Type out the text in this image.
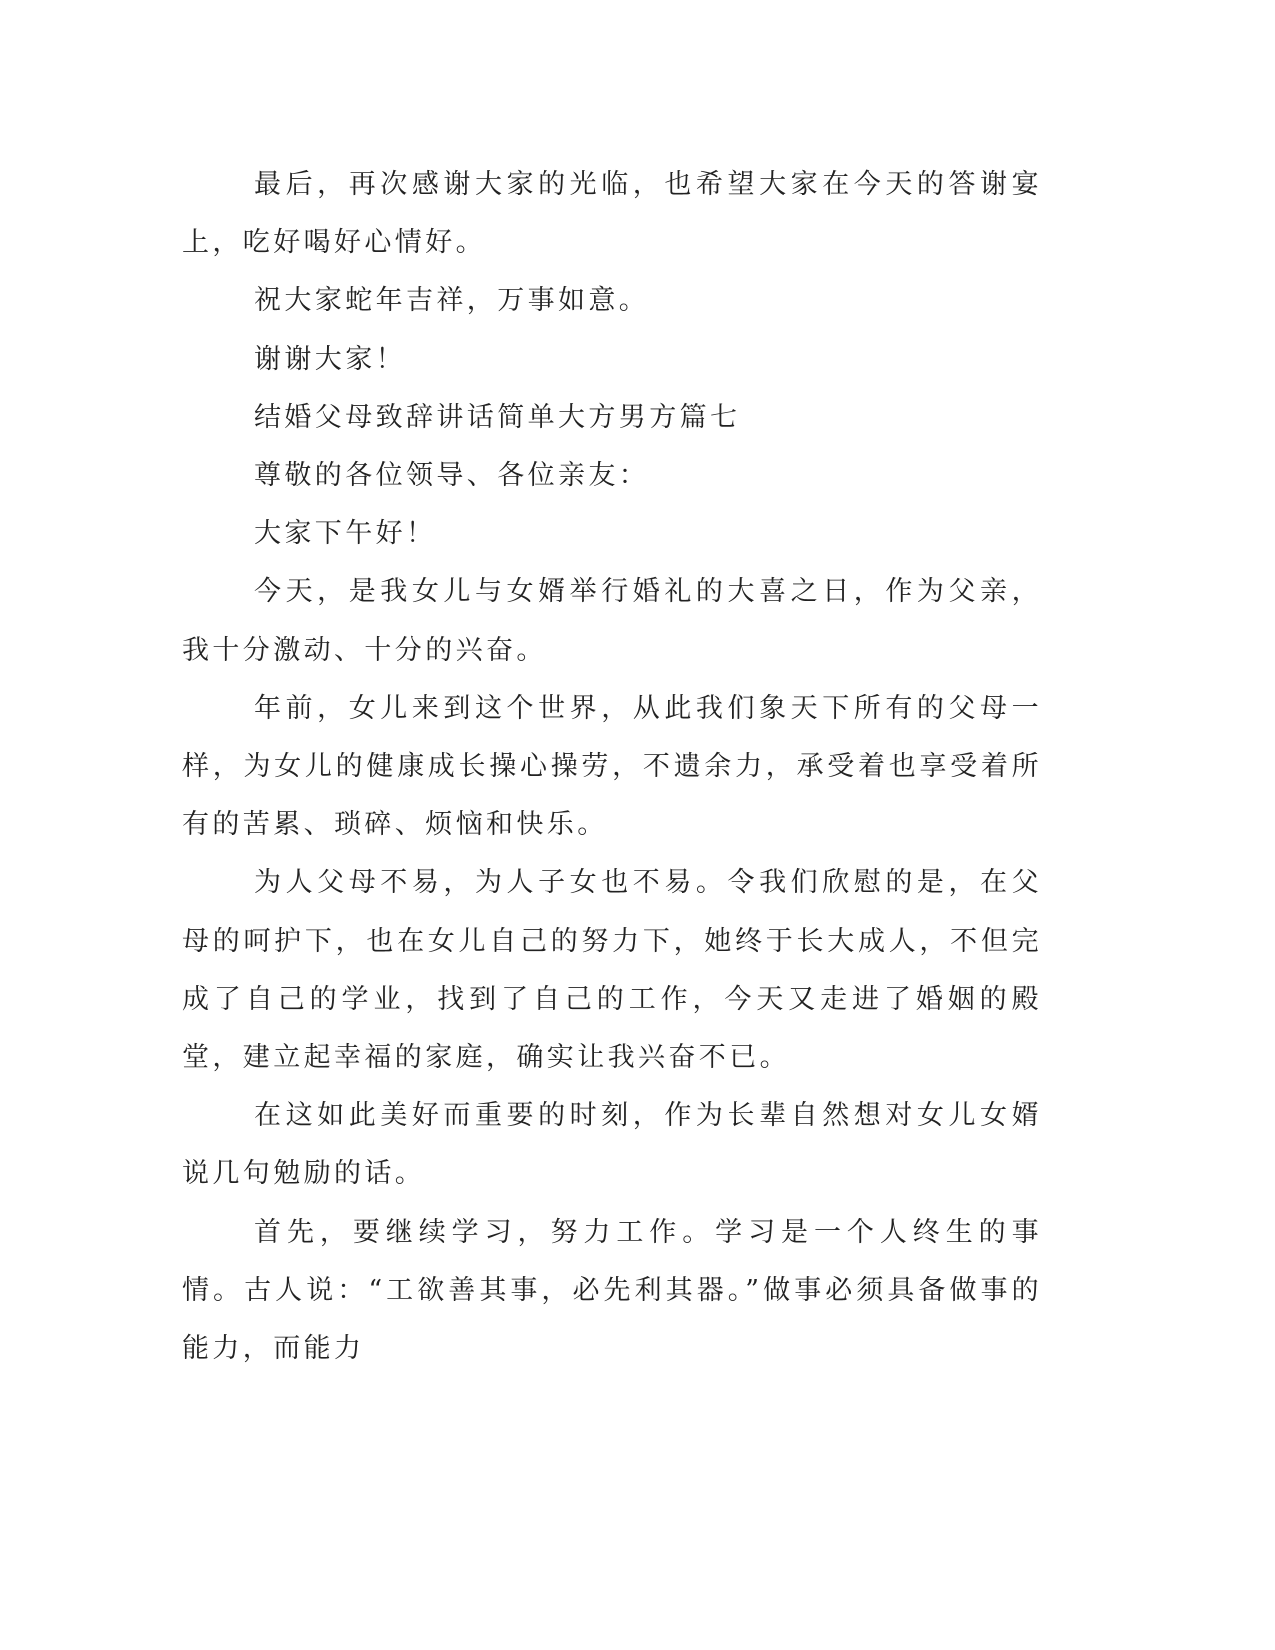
最后，再次感谢大家的光临，也希望大家在今天的答谢宴上，吃好喝好心情好。

祝大家蛇年吉祥，万事如意。

谢谢大家！

结婚父母致辞讲话简单大方男方篇七

尊敬的各位领导、各位亲友：

大家下午好！

今天，是我女儿与女婿举行婚礼的大喜之日，作为父亲，我十分激动、十分的兴奋。

年前，女儿来到这个世界，从此我们象天下所有的父母一样，为女儿的健康成长操心操劳，不遗余力，承受着也享受着所有的苦累、琐碎、烦恼和快乐。

为人父母不易，为人子女也不易。令我们欣慰的是，在父母的呵护下，也在女儿自己的努力下，她终于长大成人，不但完成了自己的学业，找到了自己的工作，今天又走进了婚姻的殿堂，建立起幸福的家庭，确实让我兴奋不已。

在这如此美好而重要的时刻，作为长辈自然想对女儿女婿说几句勉励的话。

首先，要继续学习，努力工作。学习是一个人终生的事情。古人说：“工欲善其事，必先利其器。”做事必须具备做事的能力，而能力
